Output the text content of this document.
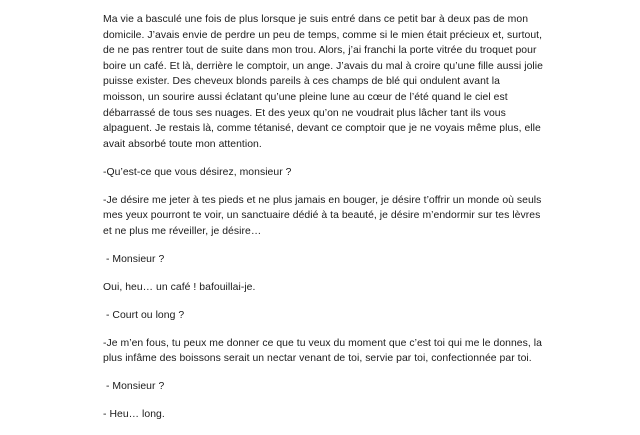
Ma vie a basculé une fois de plus lorsque je suis entré dans ce petit bar à deux pas de mon domicile. J’avais envie de perdre un peu de temps, comme si le mien était précieux et, surtout, de ne pas rentrer tout de suite dans mon trou. Alors, j’ai franchi la porte vitrée du troquet pour boire un café. Et là, derrière le comptoir, un ange. J’avais du mal à croire qu’une fille aussi jolie puisse exister. Des cheveux blonds pareils à ces champs de blé qui ondulent avant la moisson, un sourire aussi éclatant qu’une pleine lune au cœur de l’été quand le ciel est débarrassé de tous ses nuages. Et des yeux qu’on ne voudrait plus lâcher tant ils vous alpaguent. Je restais là, comme tétanisé, devant ce comptoir que je ne voyais même plus, elle avait absorbé toute mon attention.

-Qu’est-ce que vous désirez, monsieur ?

-Je désire me jeter à tes pieds et ne plus jamais en bouger, je désire t’offrir un monde où seuls mes yeux pourront te voir, un sanctuaire dédié à ta beauté, je désire m’endormir sur tes lèvres et ne plus me réveiller, je désire…

- Monsieur ?

Oui, heu… un café ! bafouillai-je.

- Court ou long ?

-Je m’en fous, tu peux me donner ce que tu veux du moment que c’est toi qui me le donnes, la plus infâme des boissons serait un nectar venant de toi, servie par toi, confectionnée par toi.

- Monsieur ?

- Heu… long.
